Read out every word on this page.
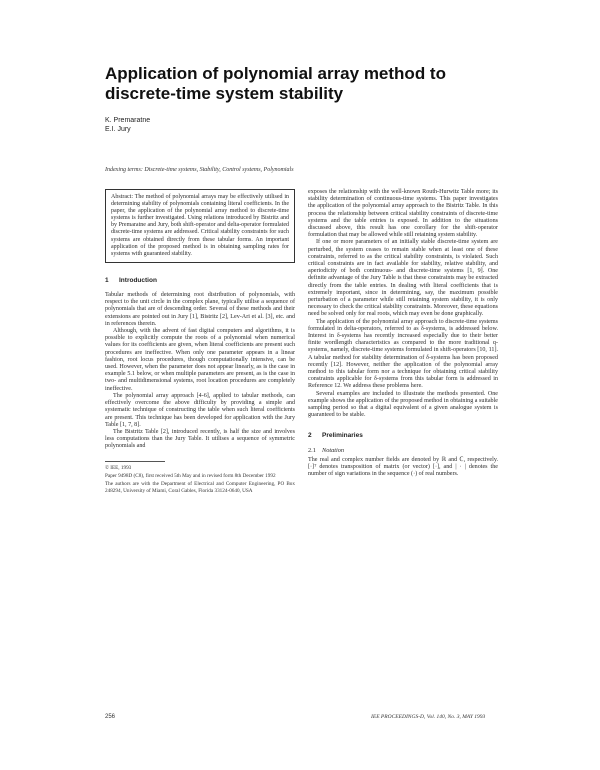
Application of polynomial array method to discrete-time system stability
K. Premaratne
E.I. Jury
Indexing terms: Discrete-time systems, Stability, Control systems, Polynomials
Abstract: The method of polynomial arrays may be effectively utilised in determining stability of polynomials containing literal coefficients. In the paper, the application of the polynomial array method to discrete-time systems is further investigated. Using relations introduced by Bistritz and by Premaratne and Jury, both shift-operator and delta-operator formulated discrete-time systems are addressed. Critical stability constraints for such systems are obtained directly from these tabular forms. An important application of the proposed method is in obtaining sampling rates for systems with guaranteed stability.
1 Introduction

Tabular methods of determining root distribution of polynomials, with respect to the unit circle in the complex plane, typically utilise a sequence of polynomials that are of descending order. Several of these methods and their extensions are pointed out in Jury [1], Bistritz [2], Lev-Ari et al. [3], etc. and in references therein.

Although, with the advent of fast digital computers and algorithms, it is possible to explicitly compute the roots of a polynomial when numerical values for its coefficients are given, when literal coefficients are present such procedures are ineffective. When only one parameter appears in a linear fashion, root locus procedures, though computationally intensive, can be used. However, when the parameter does not appear linearly, as is the case in example 5.1 below, or when multiple parameters are present, as is the case in two- and multidimensional systems, root location procedures are completely ineffective.

The polynomial array approach [4-6], applied to tabular methods, can effectively overcome the above difficulty by providing a simple and systematic technique of constructing the table when such literal coefficients are present. This technique has been developed for application with the Jury Table [1, 7, 8].

The Bistritz Table [2], introduced recently, is half the size and involves less computations than the Jury Table. It utilises a sequence of symmetric polynomials and

© IEE, 1993

Paper 9498D (C8), first received 5th May and in revised form 8th December 1992

The authors are with the Department of Electrical and Computer Engineering, PO Box 248294, University of Miami, Coral Gables, Florida 33124-0640, USA

exposes the relationship with the well-known Routh-Hurwitz Table more; its stability determination of continuous-time systems. This paper investigates the application of the polynomial array approach to the Bistritz Table. In this process the relationship between critical stability constraints of discrete-time systems and the table entries is exposed. In addition to the situations discussed above, this result has one corollary for the shift-operator formulation that may be allowed while still retaining system stability.

If one or more parameters of an initially stable discrete-time system are perturbed, the system ceases to remain stable when at least one of these constraints, referred to as the critical stability constraints, is violated. Such critical constraints are in fact available for stability, relative stability, and aperiodicity of both continuous- and discrete-time systems [1, 9]. One definite advantage of the Jury Table is that these constraints may be extracted directly from the table entries. In dealing with literal coefficients that is extremely important, since in determining, say, the maximum possible perturbation of a parameter while still retaining system stability, it is only necessary to check the critical stability constraints. Moreover, these equations need be solved only for real roots, which may even be done graphically.

The application of the polynomial array approach to discrete-time systems formulated in delta-operators, referred to as δ-systems, is addressed below. Interest in δ-systems has recently increased especially due to their better finite wordlength characteristics as compared to the more traditional q-systems, namely, discrete-time systems formulated in shift-operators [10, 11]. A tabular method for stability determination of δ-systems has been proposed recently [12]. However, neither the application of the polynomial array method to this tabular form nor a technique for obtaining critical stability constraints applicable for δ-systems from this tabular form is addressed in Reference 12. We address these problems here.

Several examples are included to illustrate the methods presented. One example shows the application of the proposed method in obtaining a suitable sampling period so that a digital equivalent of a given analogue system is guaranteed to be stable.

2 Preliminaries
2.1 Notation

The real and complex number fields are denoted by ℝ and ℂ, respectively. [·]ᵀ denotes transposition of matrix (or vector) [·], and | · | denotes the number of sign variations in the sequence (·) of real numbers.

256	IEE PROCEEDINGS-D, Vol. 140, No. 3, MAY 1993
